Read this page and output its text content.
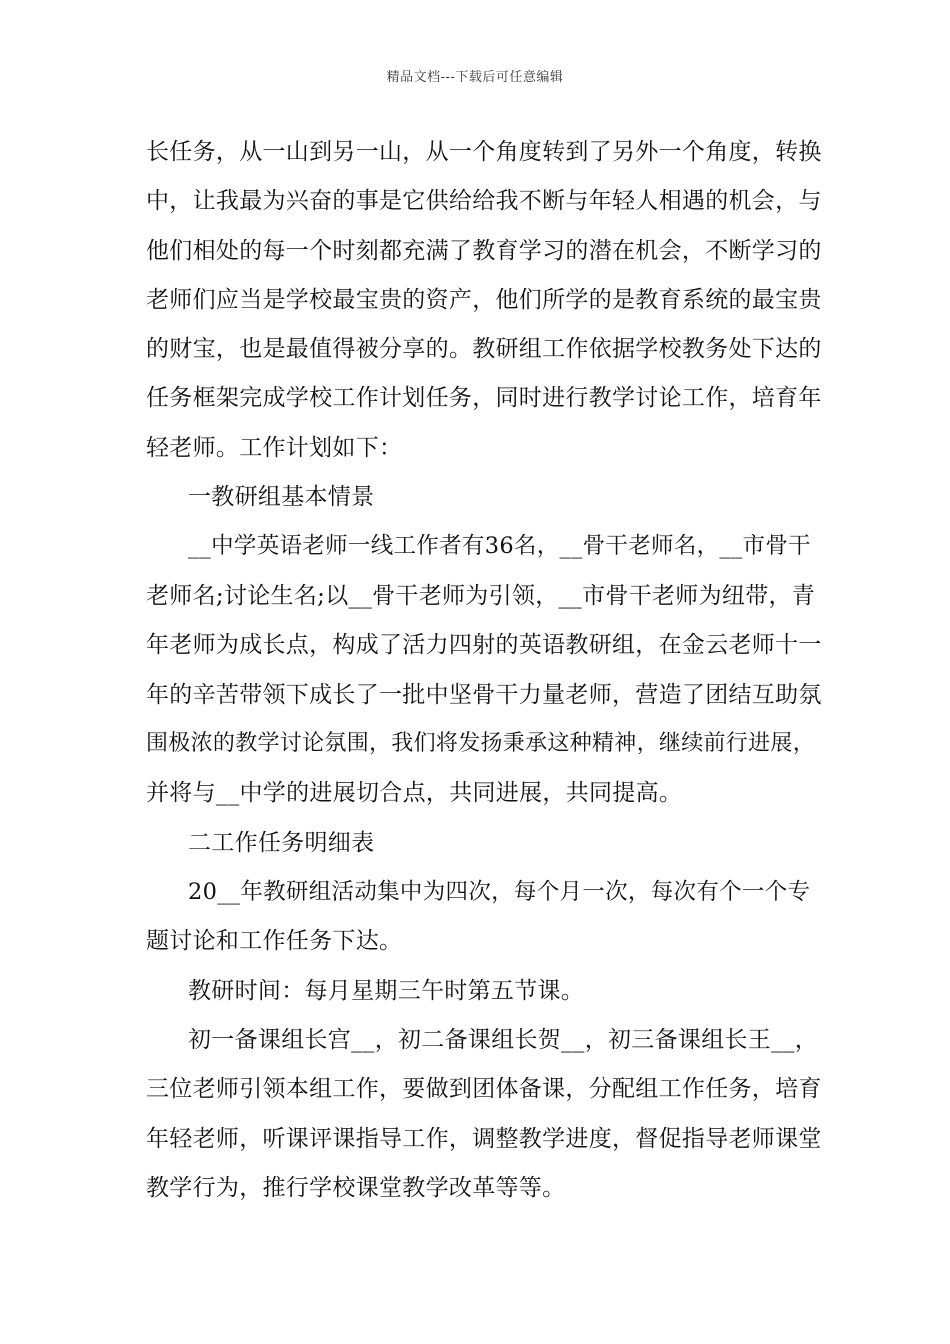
精品文档---下载后可任意编辑
长任务，从一山到另一山，从一个角度转到了另外一个角度，转换
中，让我最为兴奋的事是它供给给我不断与年轻人相遇的机会，与
他们相处的每一个时刻都充满了教育学习的潜在机会，不断学习的
老师们应当是学校最宝贵的资产，他们所学的是教育系统的最宝贵
的财宝，也是最值得被分享的。教研组工作依据学校教务处下达的
任务框架完成学校工作计划任务，同时进行教学讨论工作，培育年
轻老师。工作计划如下：
一教研组基本情景
__中学英语老师一线工作者有36名，__骨干老师名，__市骨干
老师名;讨论生名;以__骨干老师为引领，__市骨干老师为纽带，青
年老师为成长点，构成了活力四射的英语教研组，在金云老师十一
年的辛苦带领下成长了一批中坚骨干力量老师，营造了团结互助氛
围极浓的教学讨论氛围，我们将发扬秉承这种精神，继续前行进展，
并将与__中学的进展切合点，共同进展，共同提高。
二工作任务明细表
20__年教研组活动集中为四次，每个月一次，每次有个一个专
题讨论和工作任务下达。
教研时间：每月星期三午时第五节课。
初一备课组长宫__，初二备课组长贺__，初三备课组长王__，
三位老师引领本组工作，要做到团体备课，分配组工作任务，培育
年轻老师，听课评课指导工作，调整教学进度，督促指导老师课堂
教学行为，推行学校课堂教学改革等等。
